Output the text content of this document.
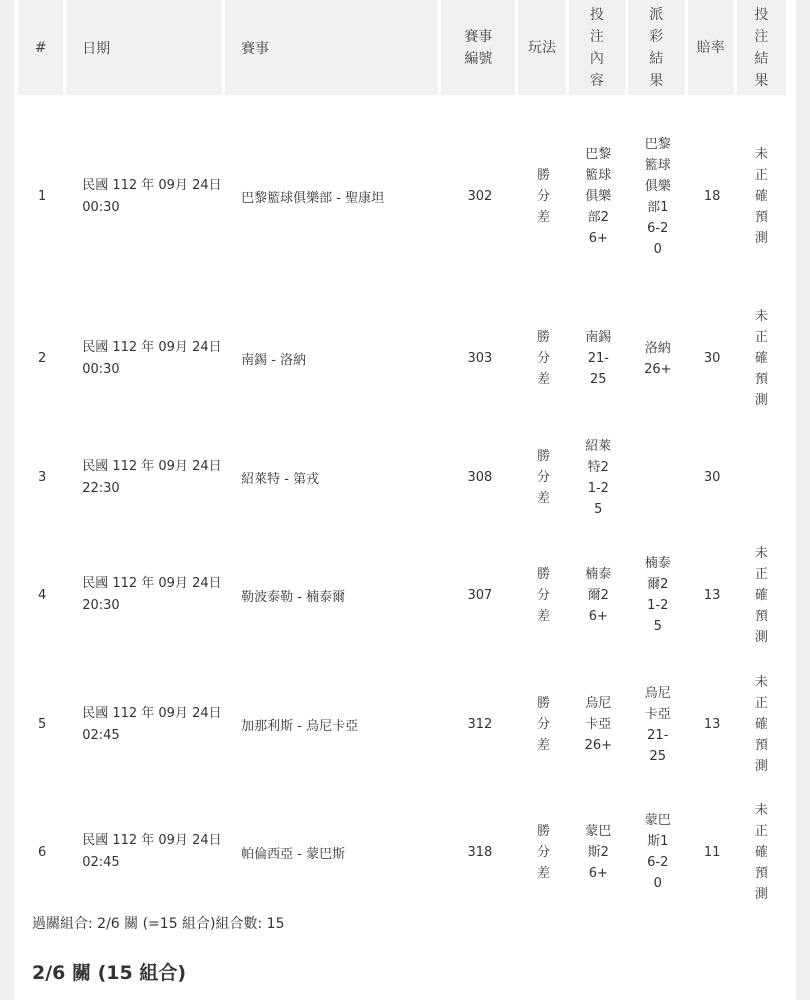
#	日期	賽事	賽事編號	玩法	投注內容	派彩結果	賠率	投注結果
1	民國 112 年 09月 24日 00:30	巴黎籃球俱樂部 - 聖康坦	302	勝分差	巴黎籃球俱樂部26+	巴黎籃球俱樂部16-20	18	未正確預測
2	民國 112 年 09月 24日 00:30	南錫 - 洛納	303	勝分差	南錫21-25	洛納26+	30	未正確預測
3	民國 112 年 09月 24日 22:30	紹萊特 - 第戎	308	勝分差	紹萊特21-25		30	
4	民國 112 年 09月 24日 20:30	勒波泰勒 - 楠泰爾	307	勝分差	楠泰爾26+	楠泰爾21-25	13	未正確預測
5	民國 112 年 09月 24日 02:45	加那利斯 - 烏尼卡亞	312	勝分差	烏尼卡亞26+	烏尼卡亞21-25	13	未正確預測
6	民國 112 年 09月 24日 02:45	帕倫西亞 - 蒙巴斯	318	勝分差	蒙巴斯26+	蒙巴斯16-20	11	未正確預測
過關組合: 2/6 關 (=15 組合)組合數: 15
2/6 關 (15 組合)
